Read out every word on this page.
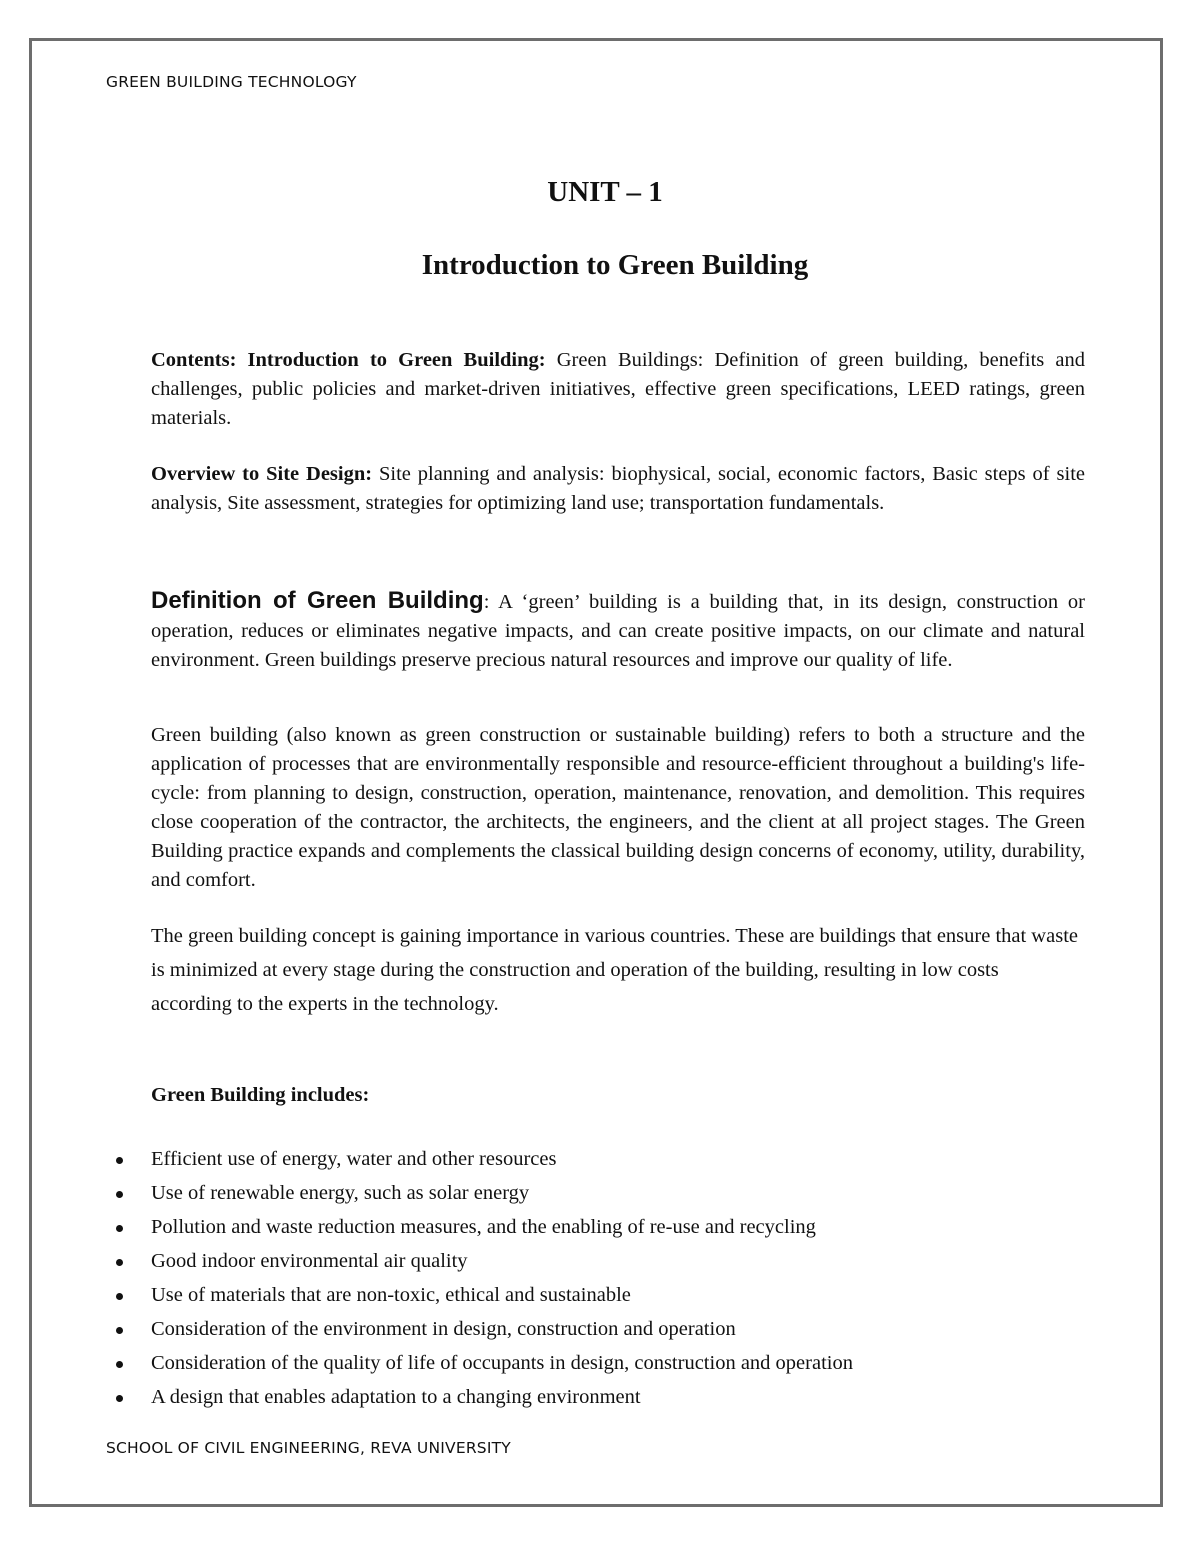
GREEN BUILDING TECHNOLOGY
UNIT – 1
Introduction to Green Building
Contents: Introduction to Green Building: Green Buildings: Definition of green building, benefits and challenges, public policies and market-driven initiatives, effective green specifications, LEED ratings, green materials.
Overview to Site Design: Site planning and analysis: biophysical, social, economic factors, Basic steps of site analysis, Site assessment, strategies for optimizing land use; transportation fundamentals.
Definition of Green Building: A ‘green’ building is a building that, in its design, construction or operation, reduces or eliminates negative impacts, and can create positive impacts, on our climate and natural environment. Green buildings preserve precious natural resources and improve our quality of life.
Green building (also known as green construction or sustainable building) refers to both a structure and the application of processes that are environmentally responsible and resource-efficient throughout a building's life-cycle: from planning to design, construction, operation, maintenance, renovation, and demolition. This requires close cooperation of the contractor, the architects, the engineers, and the client at all project stages. The Green Building practice expands and complements the classical building design concerns of economy, utility, durability, and comfort.
The green building concept is gaining importance in various countries. These are buildings that ensure that waste is minimized at every stage during the construction and operation of the building, resulting in low costs according to the experts in the technology.
Green Building includes:
Efficient use of energy, water and other resources
Use of renewable energy, such as solar energy
Pollution and waste reduction measures, and the enabling of re-use and recycling
Good indoor environmental air quality
Use of materials that are non-toxic, ethical and sustainable
Consideration of the environment in design, construction and operation
Consideration of the quality of life of occupants in design, construction and operation
A design that enables adaptation to a changing environment
SCHOOL OF CIVIL ENGINEERING, REVA UNIVERSITY
